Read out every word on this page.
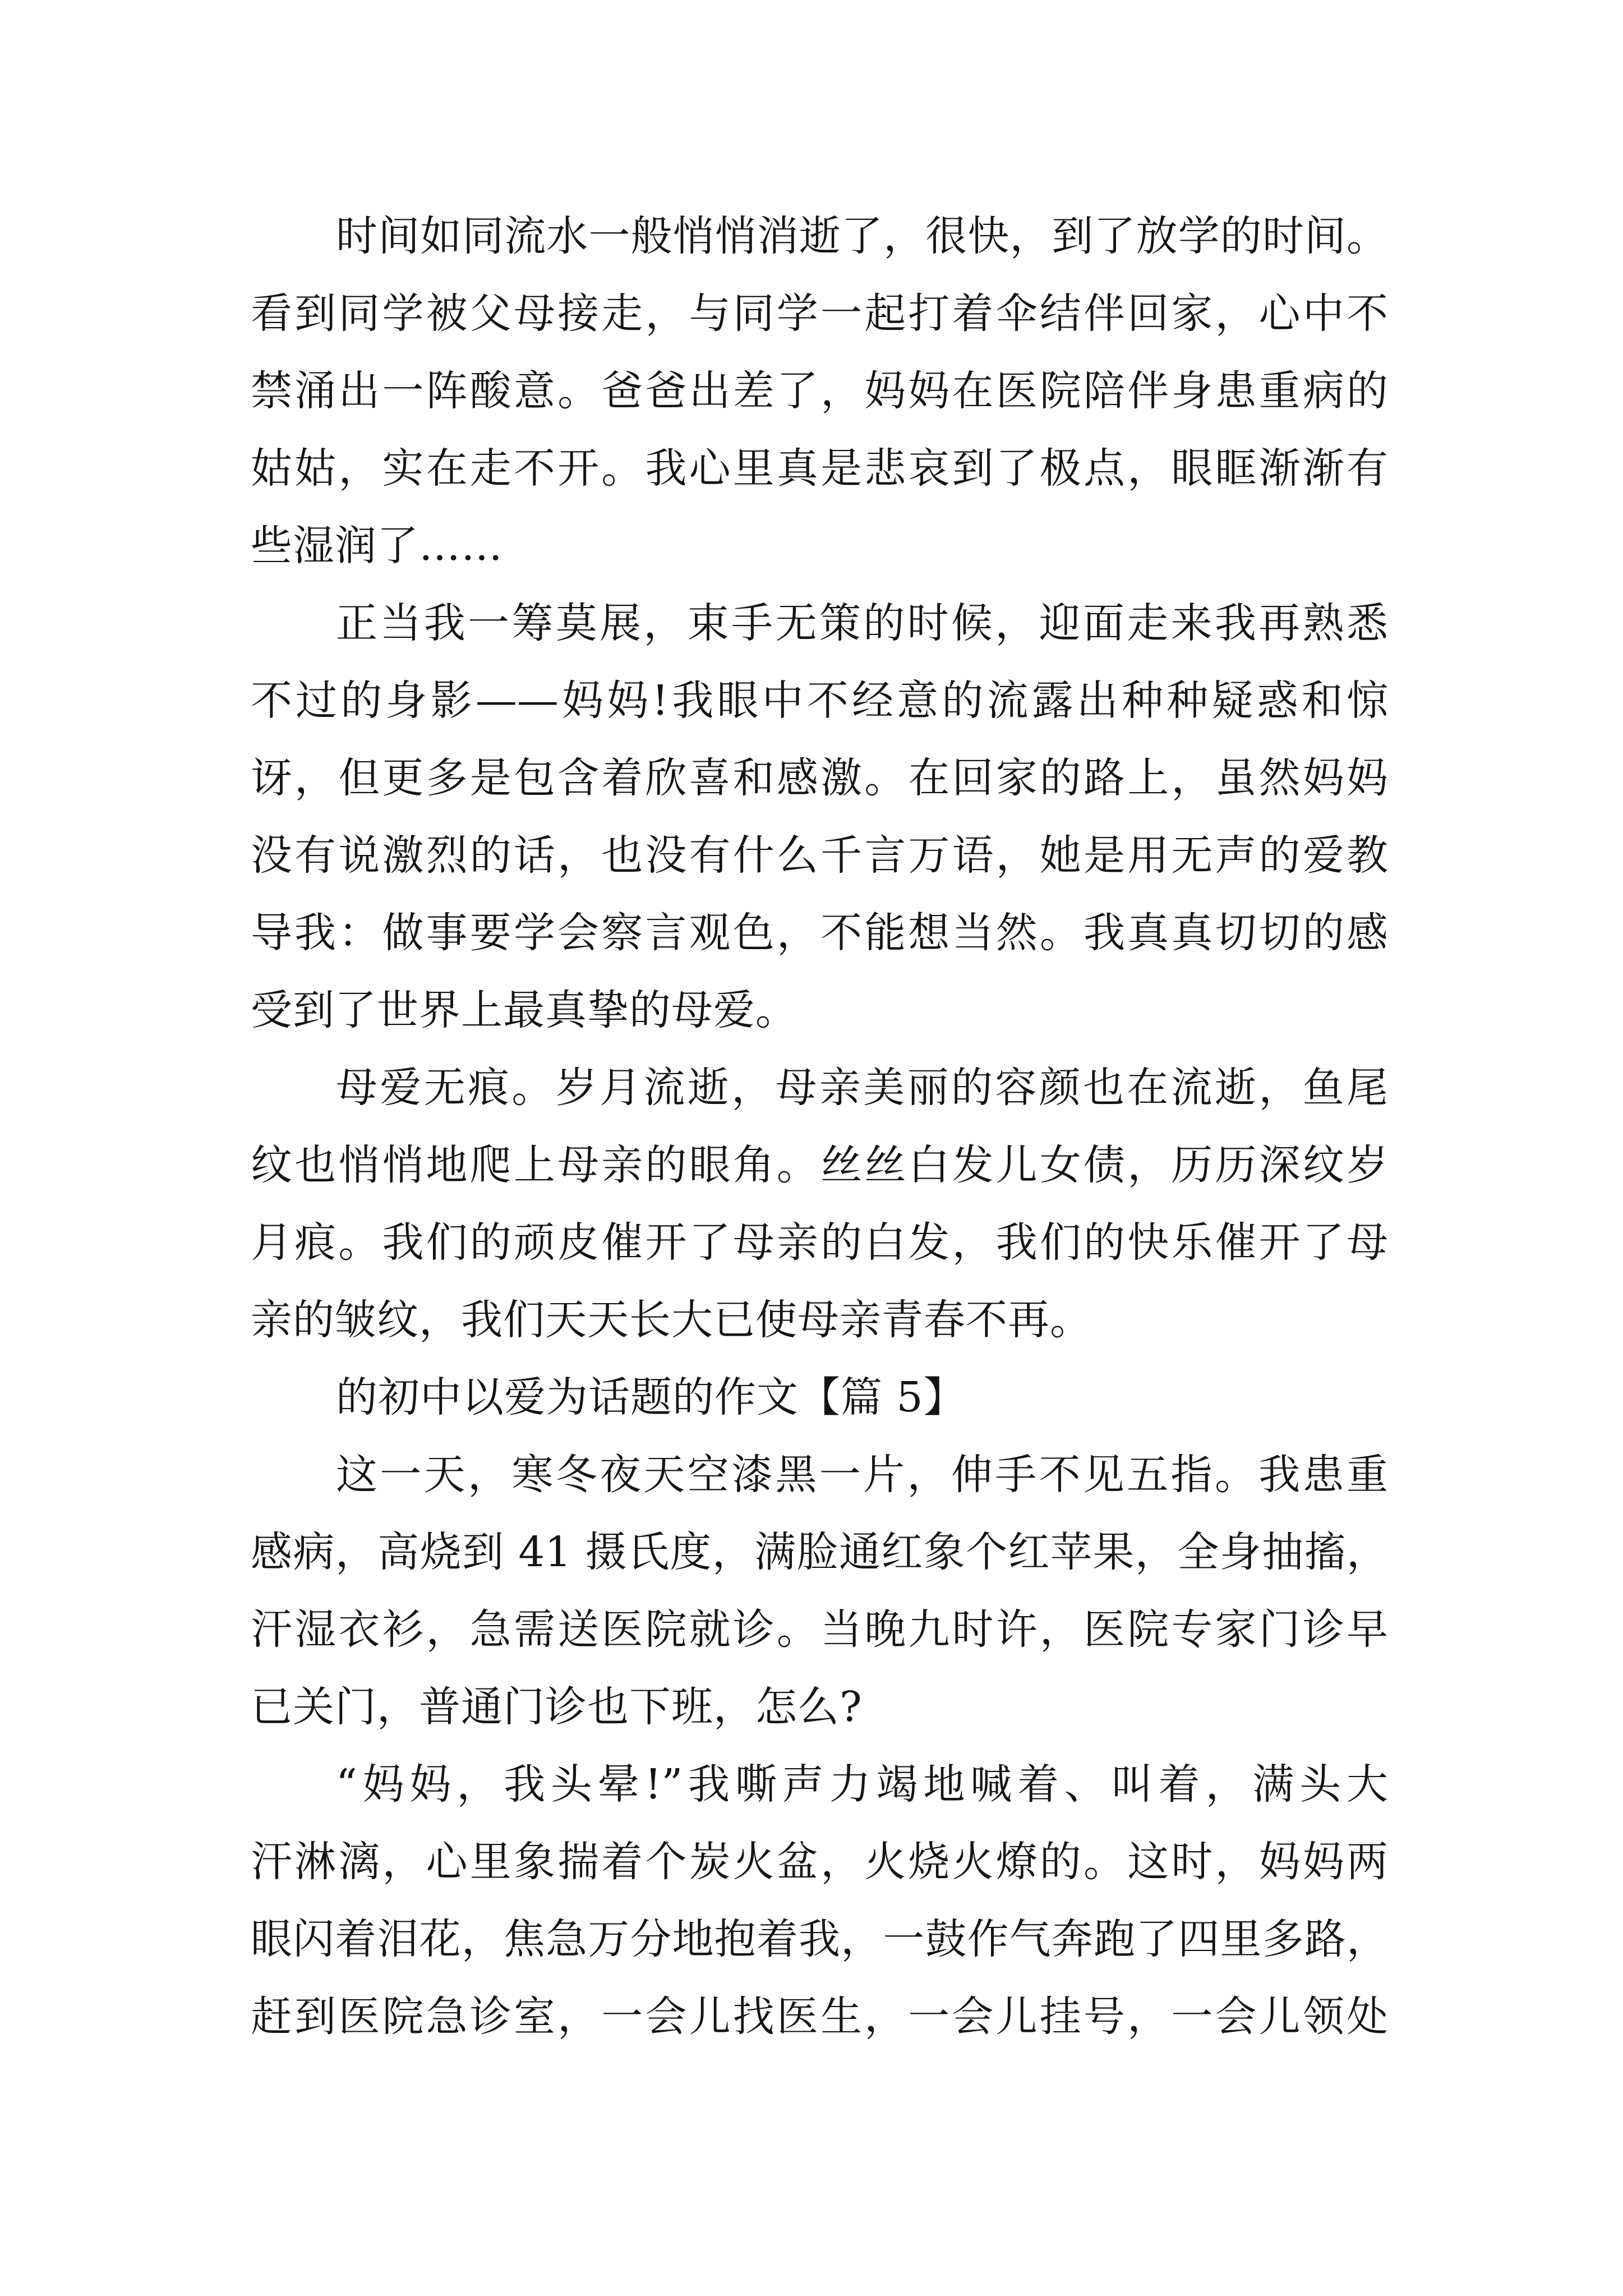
时间如同流水一般悄悄消逝了，很快，到了放学的时间。
看到同学被父母接走，与同学一起打着伞结伴回家，心中不
禁涌出一阵酸意。爸爸出差了，妈妈在医院陪伴身患重病的
姑姑，实在走不开。我心里真是悲哀到了极点，眼眶渐渐有
些湿润了……
正当我一筹莫展，束手无策的时候，迎面走来我再熟悉
不过的身影——妈妈!我眼中不经意的流露出种种疑惑和惊
讶，但更多是包含着欣喜和感激。在回家的路上，虽然妈妈
没有说激烈的话，也没有什么千言万语，她是用无声的爱教
导我：做事要学会察言观色，不能想当然。我真真切切的感
受到了世界上最真挚的母爱。
母爱无痕。岁月流逝，母亲美丽的容颜也在流逝，鱼尾
纹也悄悄地爬上母亲的眼角。丝丝白发儿女债，历历深纹岁
月痕。我们的顽皮催开了母亲的白发，我们的快乐催开了母
亲的皱纹，我们天天长大已使母亲青春不再。
的初中以爱为话题的作文【篇 5】
这一天，寒冬夜天空漆黑一片，伸手不见五指。我患重
感病，高烧到 41 摄氏度，满脸通红象个红苹果，全身抽搐，
汗湿衣衫，急需送医院就诊。当晚九时许，医院专家门诊早
已关门，普通门诊也下班，怎么?
“妈妈，我头晕!”我嘶声力竭地喊着、叫着，满头大
汗淋漓，心里象揣着个炭火盆，火烧火燎的。这时，妈妈两
眼闪着泪花，焦急万分地抱着我，一鼓作气奔跑了四里多路，
赶到医院急诊室，一会儿找医生，一会儿挂号，一会儿领处
